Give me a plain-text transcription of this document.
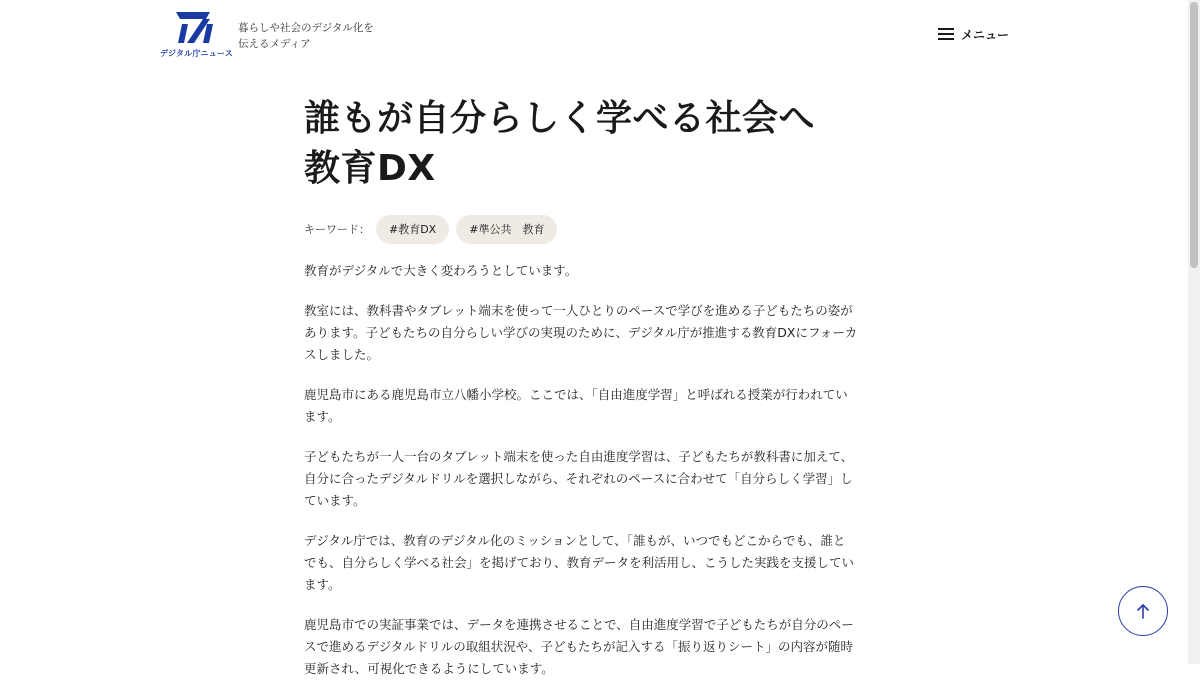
デジタル庁ニュース
暮らしや社会のデジタル化を
伝えるメディア
メニュー
誰もが自分らしく学べる社会へ
教育DX
キーワード：	#教育DX	#準公共　教育

教育がデジタルで大きく変わろうとしています。

教室には、教科書やタブレット端末を使って一人ひとりのペースで学びを進める子どもたちの姿が
あります。子どもたちの自分らしい学びの実現のために、デジタル庁が推進する教育DXにフォーカ
スしました。

鹿児島市にある鹿児島市立八幡小学校。ここでは、「自由進度学習」と呼ばれる授業が行われてい
ます。

子どもたちが一人一台のタブレット端末を使った自由進度学習は、子どもたちが教科書に加えて、
自分に合ったデジタルドリルを選択しながら、それぞれのペースに合わせて「自分らしく学習」し
ています。

デジタル庁では、教育のデジタル化のミッションとして、「誰もが、いつでもどこからでも、誰と
でも、自分らしく学べる社会」を掲げており、教育データを利活用し、こうした実践を支援してい
ます。

鹿児島市での実証事業では、データを連携させることで、自由進度学習で子どもたちが自分のペー
スで進めるデジタルドリルの取組状況や、子どもたちが記入する「振り返りシート」の内容が随時
更新され、可視化できるようにしています。
